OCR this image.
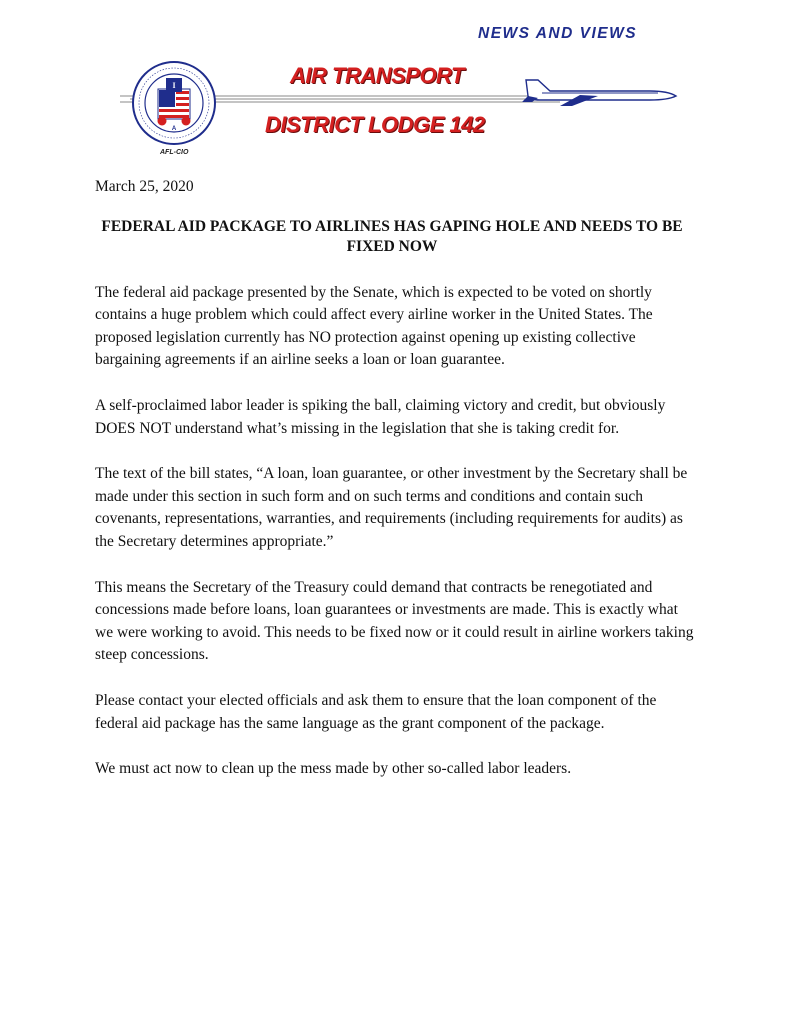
NEWS AND VIEWS
AIR TRANSPORT
DISTRICT LODGE 142
I
A
AFL-CIO

March 25, 2020

FEDERAL AID PACKAGE TO AIRLINES HAS GAPING HOLE AND NEEDS TO BE FIXED NOW

The federal aid package presented by the Senate, which is expected to be voted on shortly contains a huge problem which could affect every airline worker in the United States. The proposed legislation currently has NO protection against opening up existing collective bargaining agreements if an airline seeks a loan or loan guarantee.

A self-proclaimed labor leader is spiking the ball, claiming victory and credit, but obviously DOES NOT understand what’s missing in the legislation that she is taking credit for.

The text of the bill states, “A loan, loan guarantee, or other investment by the Secretary shall be made under this section in such form and on such terms and conditions and contain such covenants, representations, warranties, and requirements (including requirements for audits) as the Secretary determines appropriate.”

This means the Secretary of the Treasury could demand that contracts be renegotiated and concessions made before loans, loan guarantees or investments are made. This is exactly what we were working to avoid. This needs to be fixed now or it could result in airline workers taking steep concessions.

Please contact your elected officials and ask them to ensure that the loan component of the federal aid package has the same language as the grant component of the package.

We must act now to clean up the mess made by other so-called labor leaders.
